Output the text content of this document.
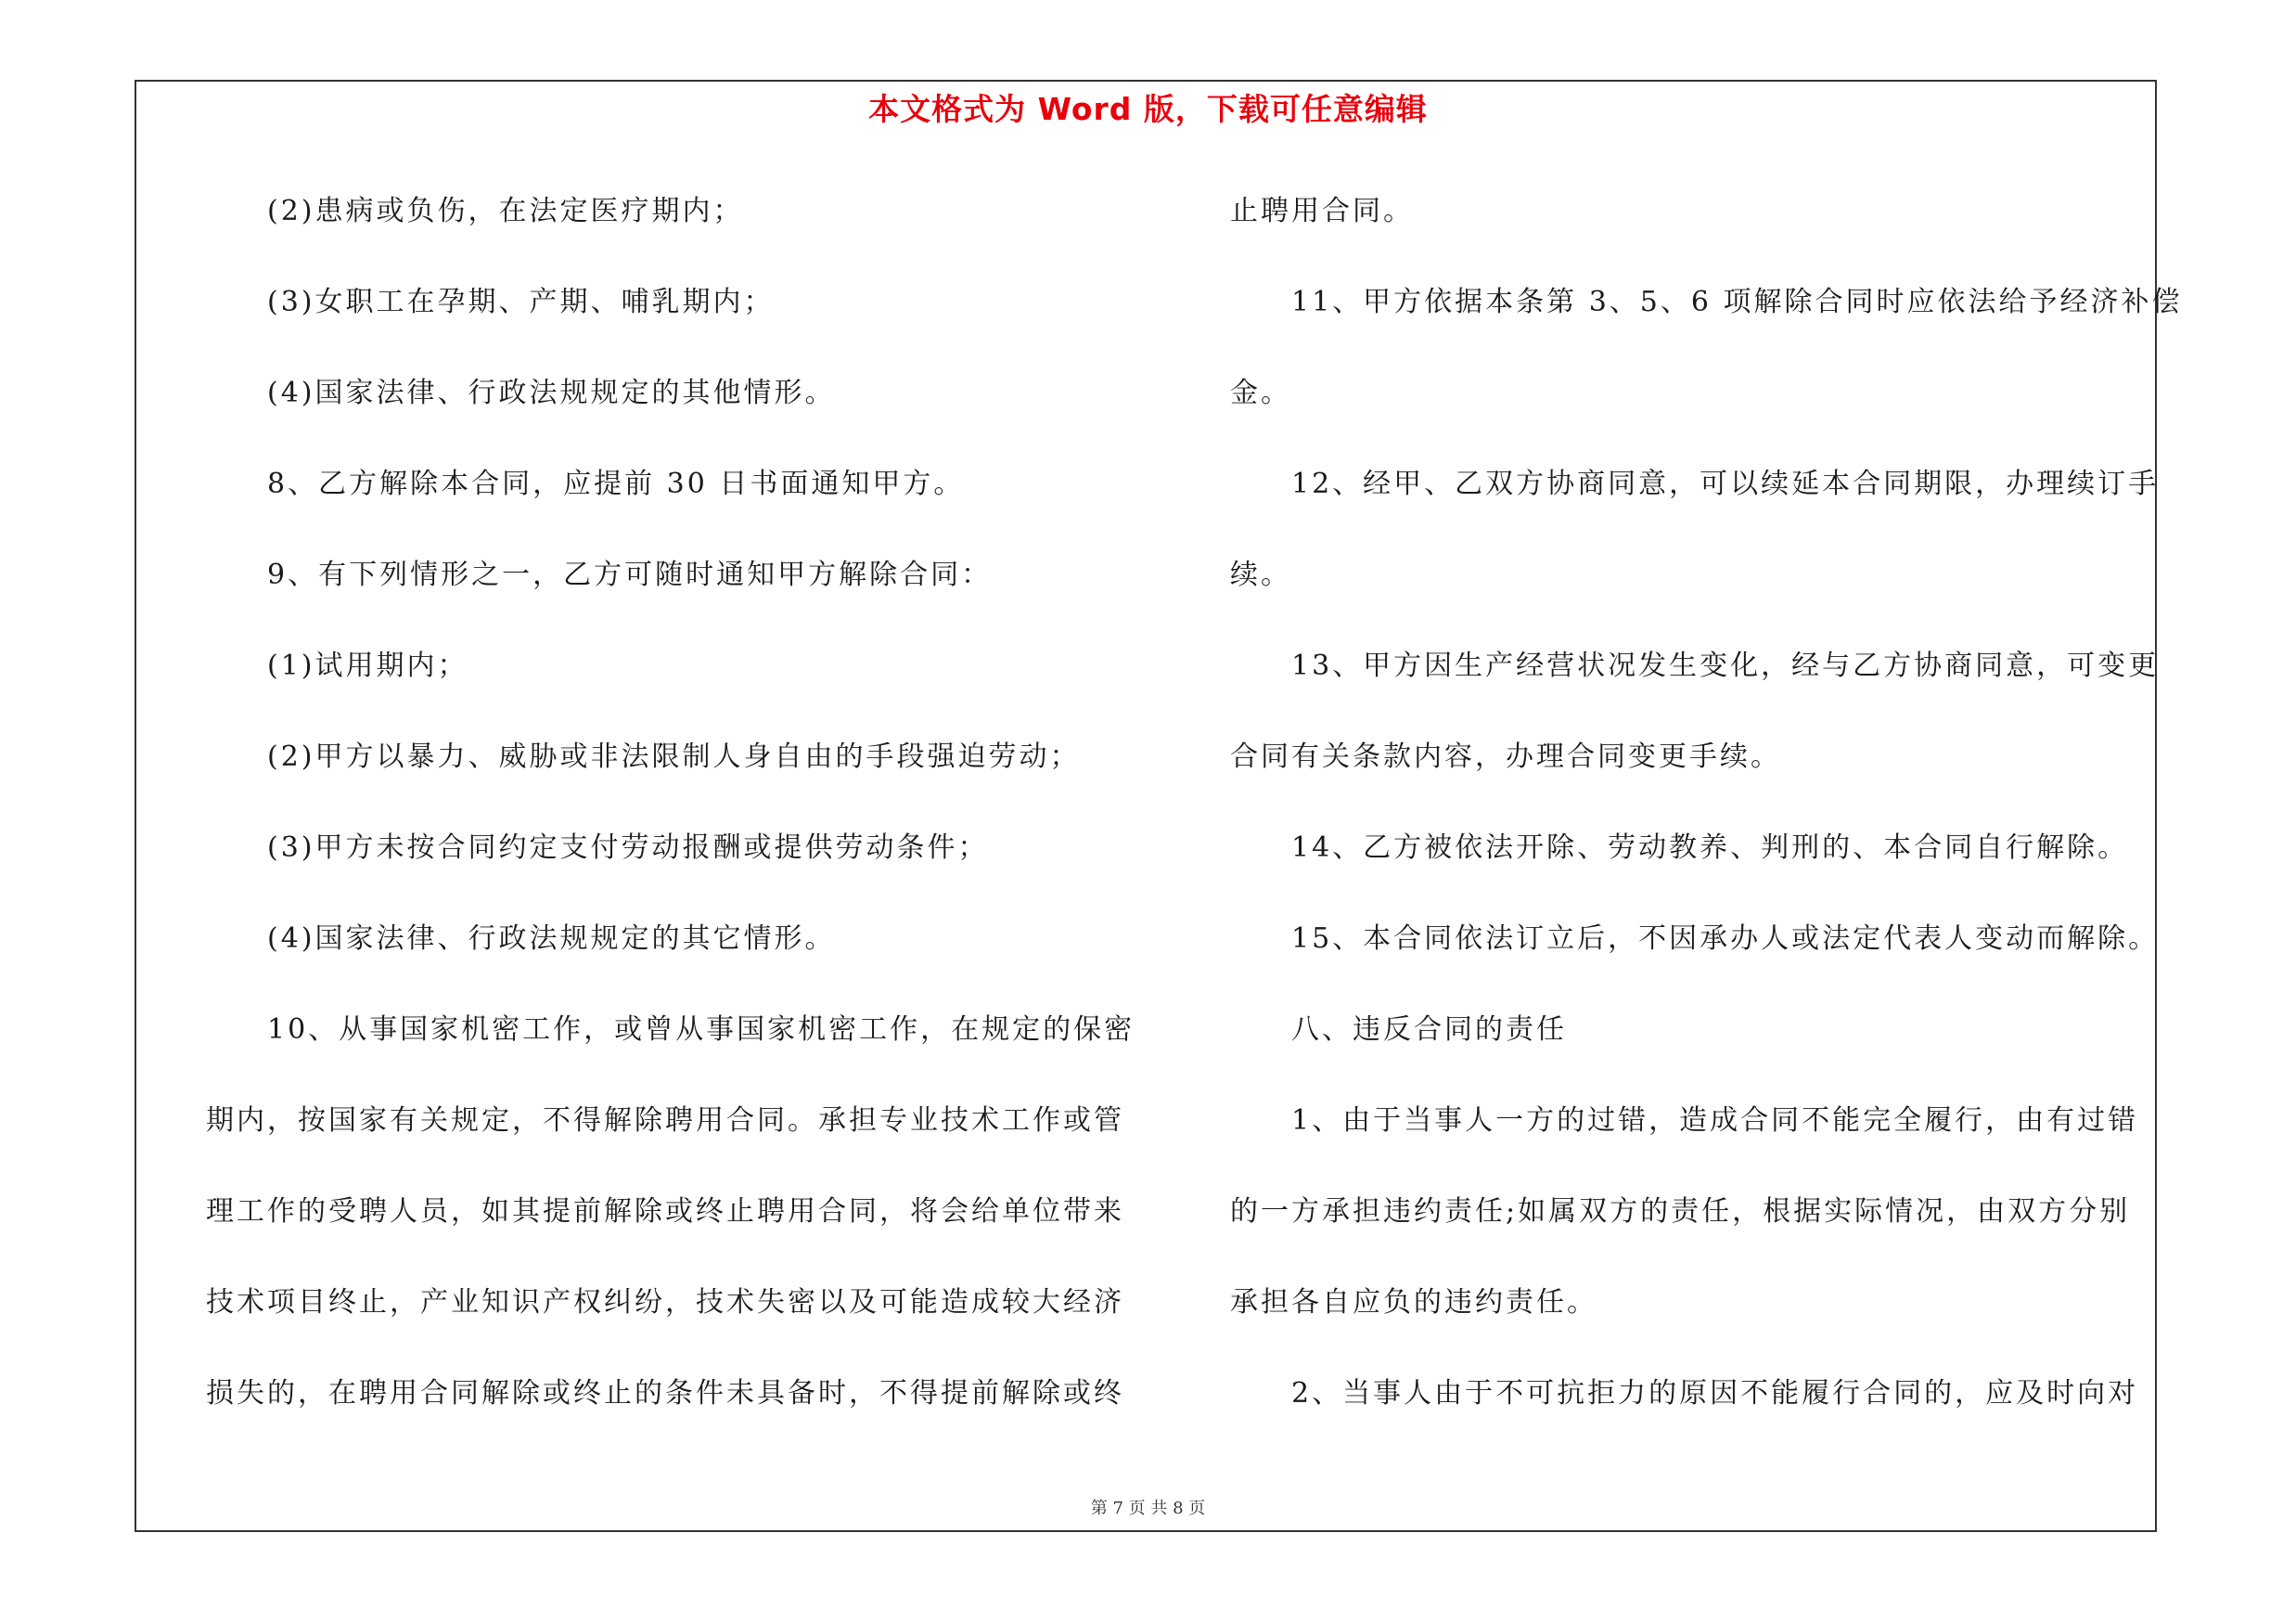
本文格式为 Word 版，下载可任意编辑
(2)患病或负伤，在法定医疗期内；
(3)女职工在孕期、产期、哺乳期内；
(4)国家法律、行政法规规定的其他情形。
8、乙方解除本合同，应提前 30 日书面通知甲方。
9、有下列情形之一，乙方可随时通知甲方解除合同：
(1)试用期内；
(2)甲方以暴力、威胁或非法限制人身自由的手段强迫劳动；
(3)甲方未按合同约定支付劳动报酬或提供劳动条件；
(4)国家法律、行政法规规定的其它情形。
10、从事国家机密工作，或曾从事国家机密工作，在规定的保密
期内，按国家有关规定，不得解除聘用合同。承担专业技术工作或管
理工作的受聘人员，如其提前解除或终止聘用合同，将会给单位带来
技术项目终止，产业知识产权纠纷，技术失密以及可能造成较大经济
损失的，在聘用合同解除或终止的条件未具备时，不得提前解除或终
止聘用合同。
11、甲方依据本条第 3、5、6 项解除合同时应依法给予经济补偿
金。
12、经甲、乙双方协商同意，可以续延本合同期限，办理续订手
续。
13、甲方因生产经营状况发生变化，经与乙方协商同意，可变更
合同有关条款内容，办理合同变更手续。
14、乙方被依法开除、劳动教养、判刑的、本合同自行解除。
15、本合同依法订立后，不因承办人或法定代表人变动而解除。
八、违反合同的责任
1、由于当事人一方的过错，造成合同不能完全履行，由有过错
的一方承担违约责任;如属双方的责任，根据实际情况，由双方分别
承担各自应负的违约责任。
2、当事人由于不可抗拒力的原因不能履行合同的，应及时向对
第 7 页 共 8 页
